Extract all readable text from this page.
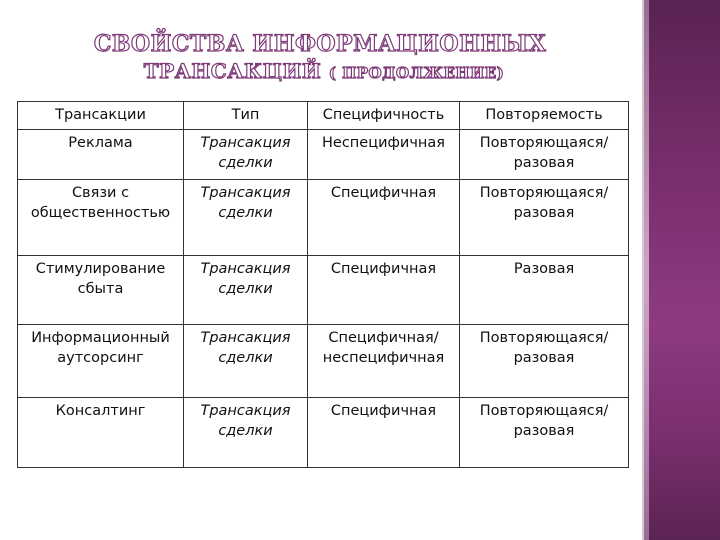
СВОЙСТВА ИНФОРМАЦИОННЫХ
ТРАНСАКЦИЙ ( ПРОДОЛЖЕНИЕ)
Трансакции	Тип	Специфичность	Повторяемость
Реклама	Трансакция сделки	Неспецифичная	Повторяющаяся/ разовая
Связи с общественностью	Трансакция сделки	Специфичная	Повторяющаяся/ разовая
Стимулирование сбыта	Трансакция сделки	Специфичная	Разовая
Информационный аутсорсинг	Трансакция сделки	Специфичная/ неспецифичная	Повторяющаяся/ разовая
Консалтинг	Трансакция сделки	Специфичная	Повторяющаяся/ разовая
